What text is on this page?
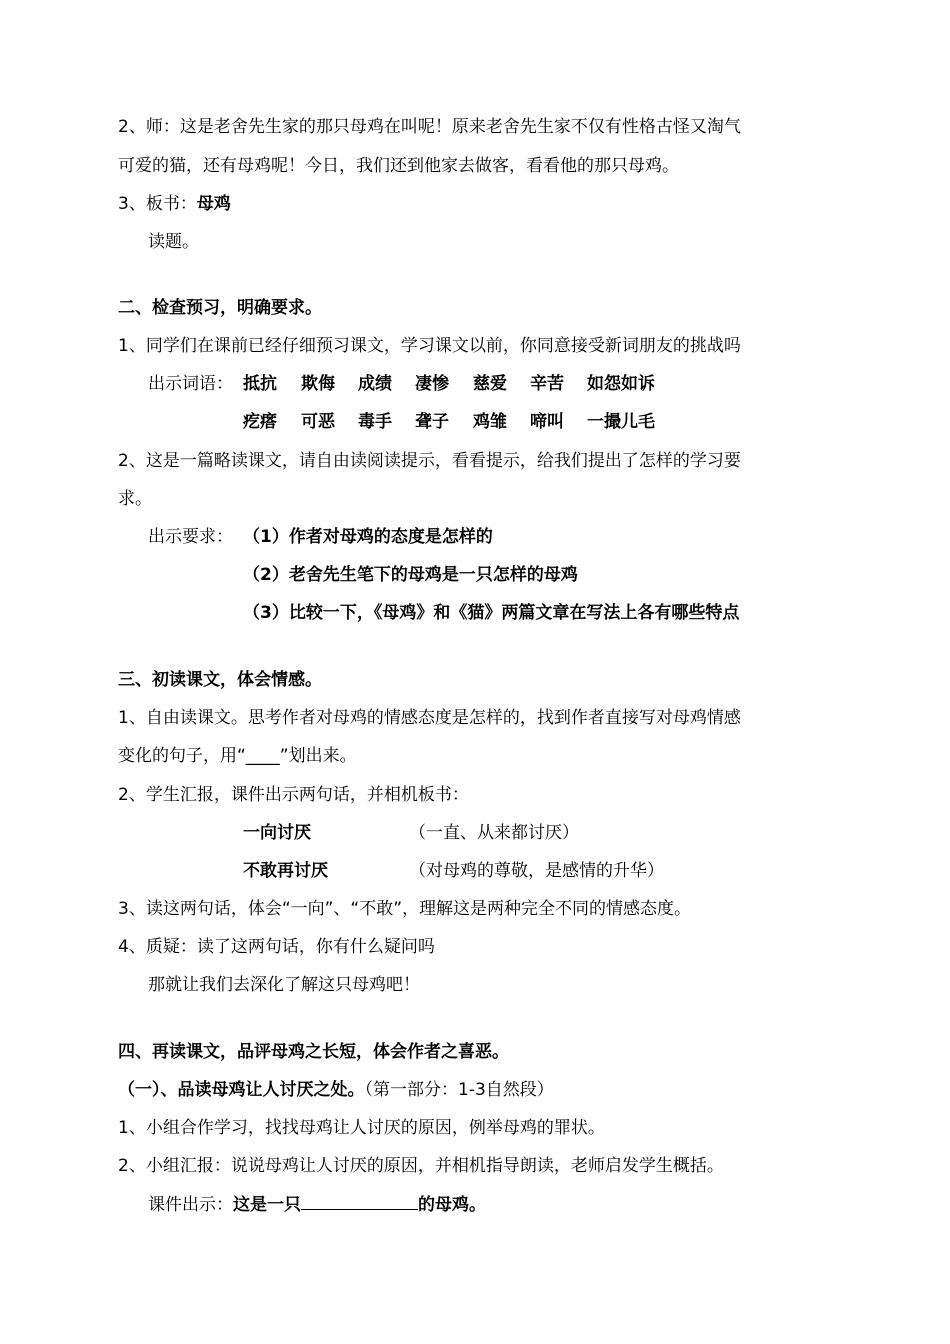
2、师：这是老舍先生家的那只母鸡在叫呢！原来老舍先生家不仅有性格古怪又淘气
可爱的猫，还有母鸡呢！今日，我们还到他家去做客，看看他的那只母鸡。
3、板书：母鸡
读题。
二、检查预习，明确要求。
1、同学们在课前已经仔细预习课文，学习课文以前，你同意接受新词朋友的挑战吗
出示词语： 抵抗 欺侮 成绩 凄惨 慈爱 辛苦 如怨如诉
疙瘩 可恶 毒手 聋子 鸡雏 啼叫 一撮儿毛
2、这是一篇略读课文，请自由读阅读提示，看看提示，给我们提出了怎样的学习要
求。
出示要求： （1）作者对母鸡的态度是怎样的
（2）老舍先生笔下的母鸡是一只怎样的母鸡
（3）比较一下，《母鸡》和《猫》两篇文章在写法上各有哪些特点
三、初读课文，体会情感。
1、自由读课文。思考作者对母鸡的情感态度是怎样的，找到作者直接写对母鸡情感
变化的句子，用“____”划出来。
2、学生汇报，课件出示两句话，并相机板书：
一向讨厌	（一直、从来都讨厌）
不敢再讨厌	（对母鸡的尊敬，是感情的升华）
3、读这两句话，体会“一向”、“不敢”，理解这是两种完全不同的情感态度。
4、质疑：读了这两句话，你有什么疑问吗
那就让我们去深化了解这只母鸡吧！
四、再读课文，品评母鸡之长短，体会作者之喜恶。
（一）、品读母鸡让人讨厌之处。（第一部分：1-3自然段）
1、小组合作学习，找找母鸡让人讨厌的原因，例举母鸡的罪状。
2、小组汇报：说说母鸡让人讨厌的原因，并相机指导朗读，老师启发学生概括。
课件出示：这是一只	的母鸡。
